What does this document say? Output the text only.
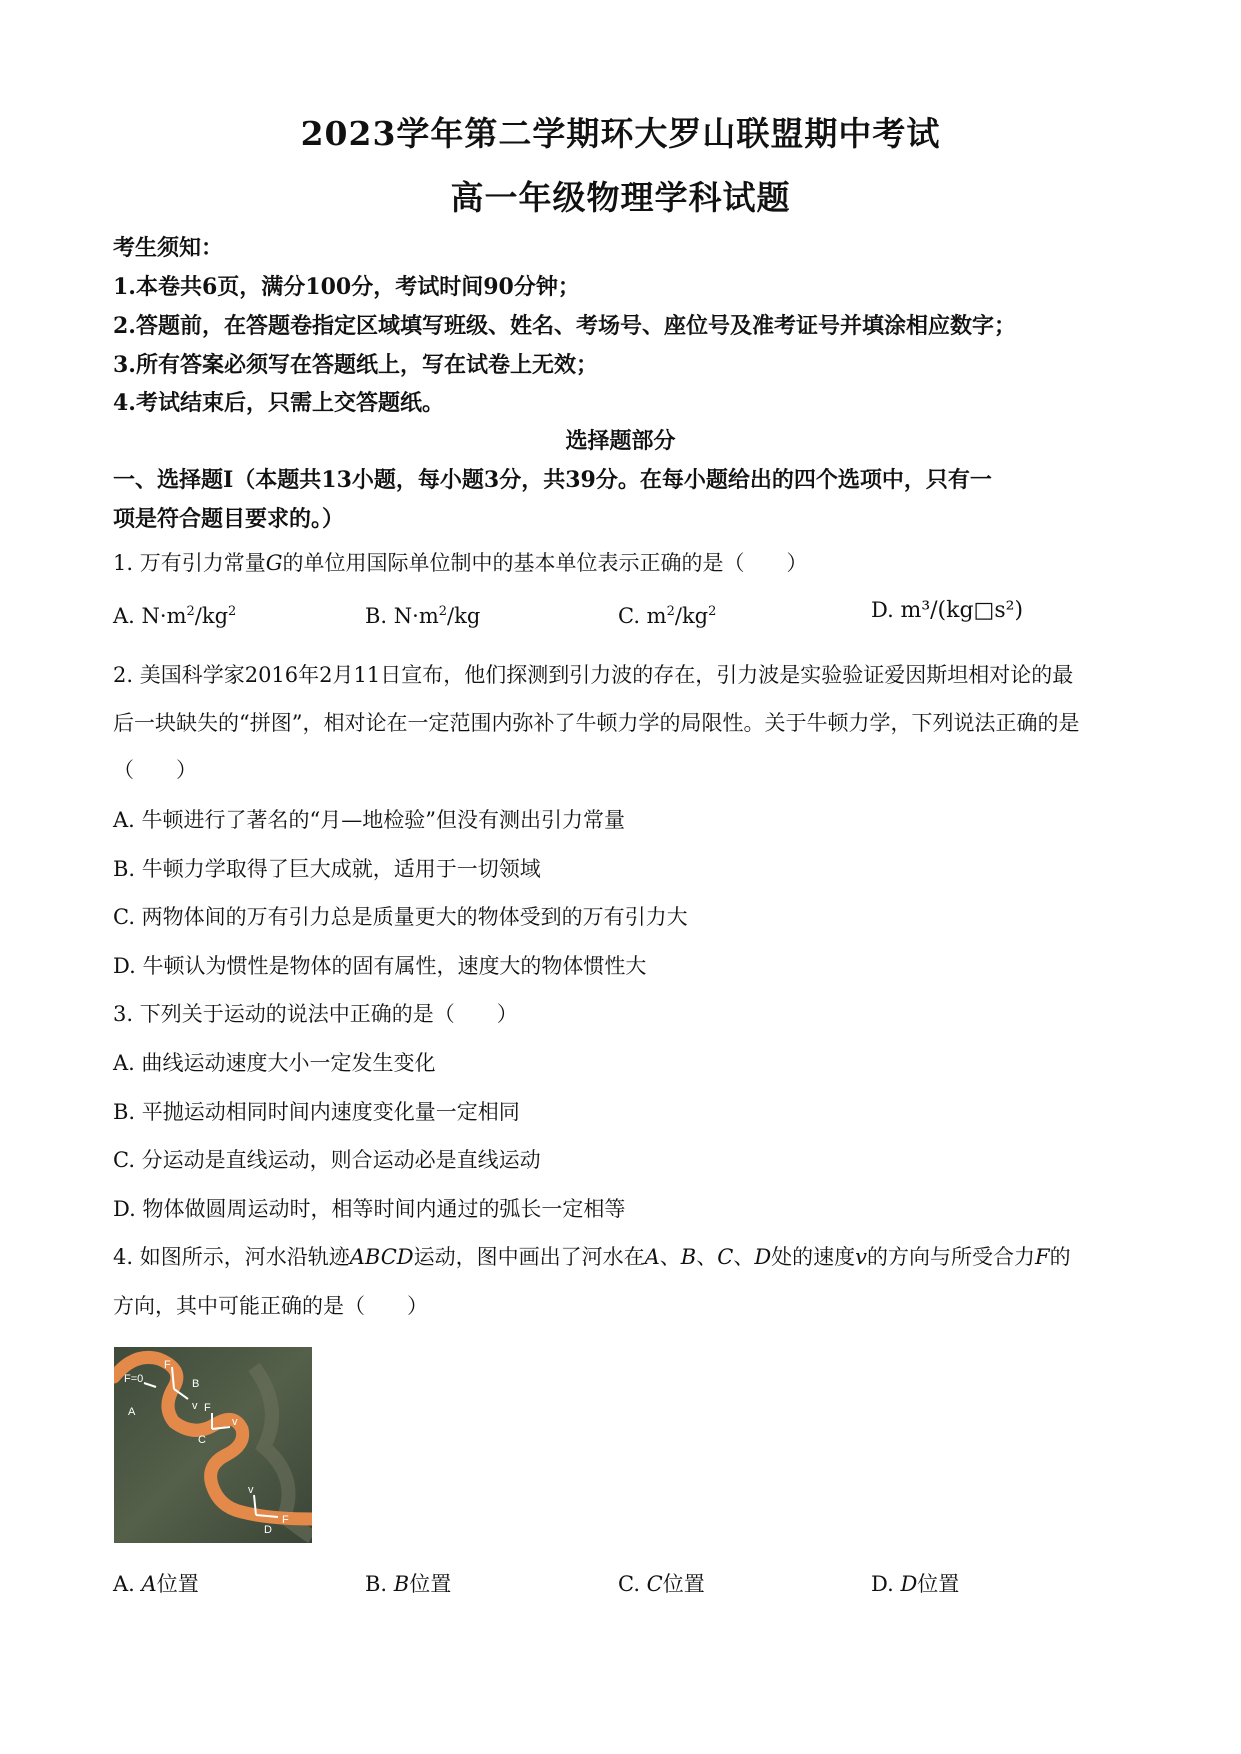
2023学年第二学期环大罗山联盟期中考试
高一年级物理学科试题
考生须知：
1.本卷共6页，满分100分，考试时间90分钟；
2.答题前，在答题卷指定区域填写班级、姓名、考场号、座位号及准考证号并填涂相应数字；
3.所有答案必须写在答题纸上，写在试卷上无效；
4.考试结束后，只需上交答题纸。
选择题部分
一、选择题Ⅰ（本题共13小题，每小题3分，共39分。在每小题给出的四个选项中，只有一
项是符合题目要求的。）
1. 万有引力常量G的单位用国际单位制中的基本单位表示正确的是（　　）
A. $N\cdot m^2/kg^2$	B. $N\cdot m^2/kg$	C. $m^2/kg^2$	D. m³/(kg□s²)
2. 美国科学家2016年2月11日宣布，他们探测到引力波的存在，引力波是实验验证爱因斯坦相对论的最
后一块缺失的“拼图”，相对论在一定范围内弥补了牛顿力学的局限性。关于牛顿力学，下列说法正确的是
（　　）
A. 牛顿进行了著名的“月—地检验”但没有测出引力常量
B. 牛顿力学取得了巨大成就，适用于一切领域
C. 两物体间的万有引力总是质量更大的物体受到的万有引力大
D. 牛顿认为惯性是物体的固有属性，速度大的物体惯性大
3. 下列关于运动的说法中正确的是（　　）
A. 曲线运动速度大小一定发生变化
B. 平抛运动相同时间内速度变化量一定相同
C. 分运动是直线运动，则合运动必是直线运动
D. 物体做圆周运动时，相等时间内通过的弧长一定相等
4. 如图所示，河水沿轨迹ABCD运动，图中画出了河水在A、B、C、D处的速度v的方向与所受合力F的
方向，其中可能正确的是（　　）
F=0
A
B
F
v F
C
v
v
D
F
A. A位置	B. B位置	C. C位置	D. D位置
